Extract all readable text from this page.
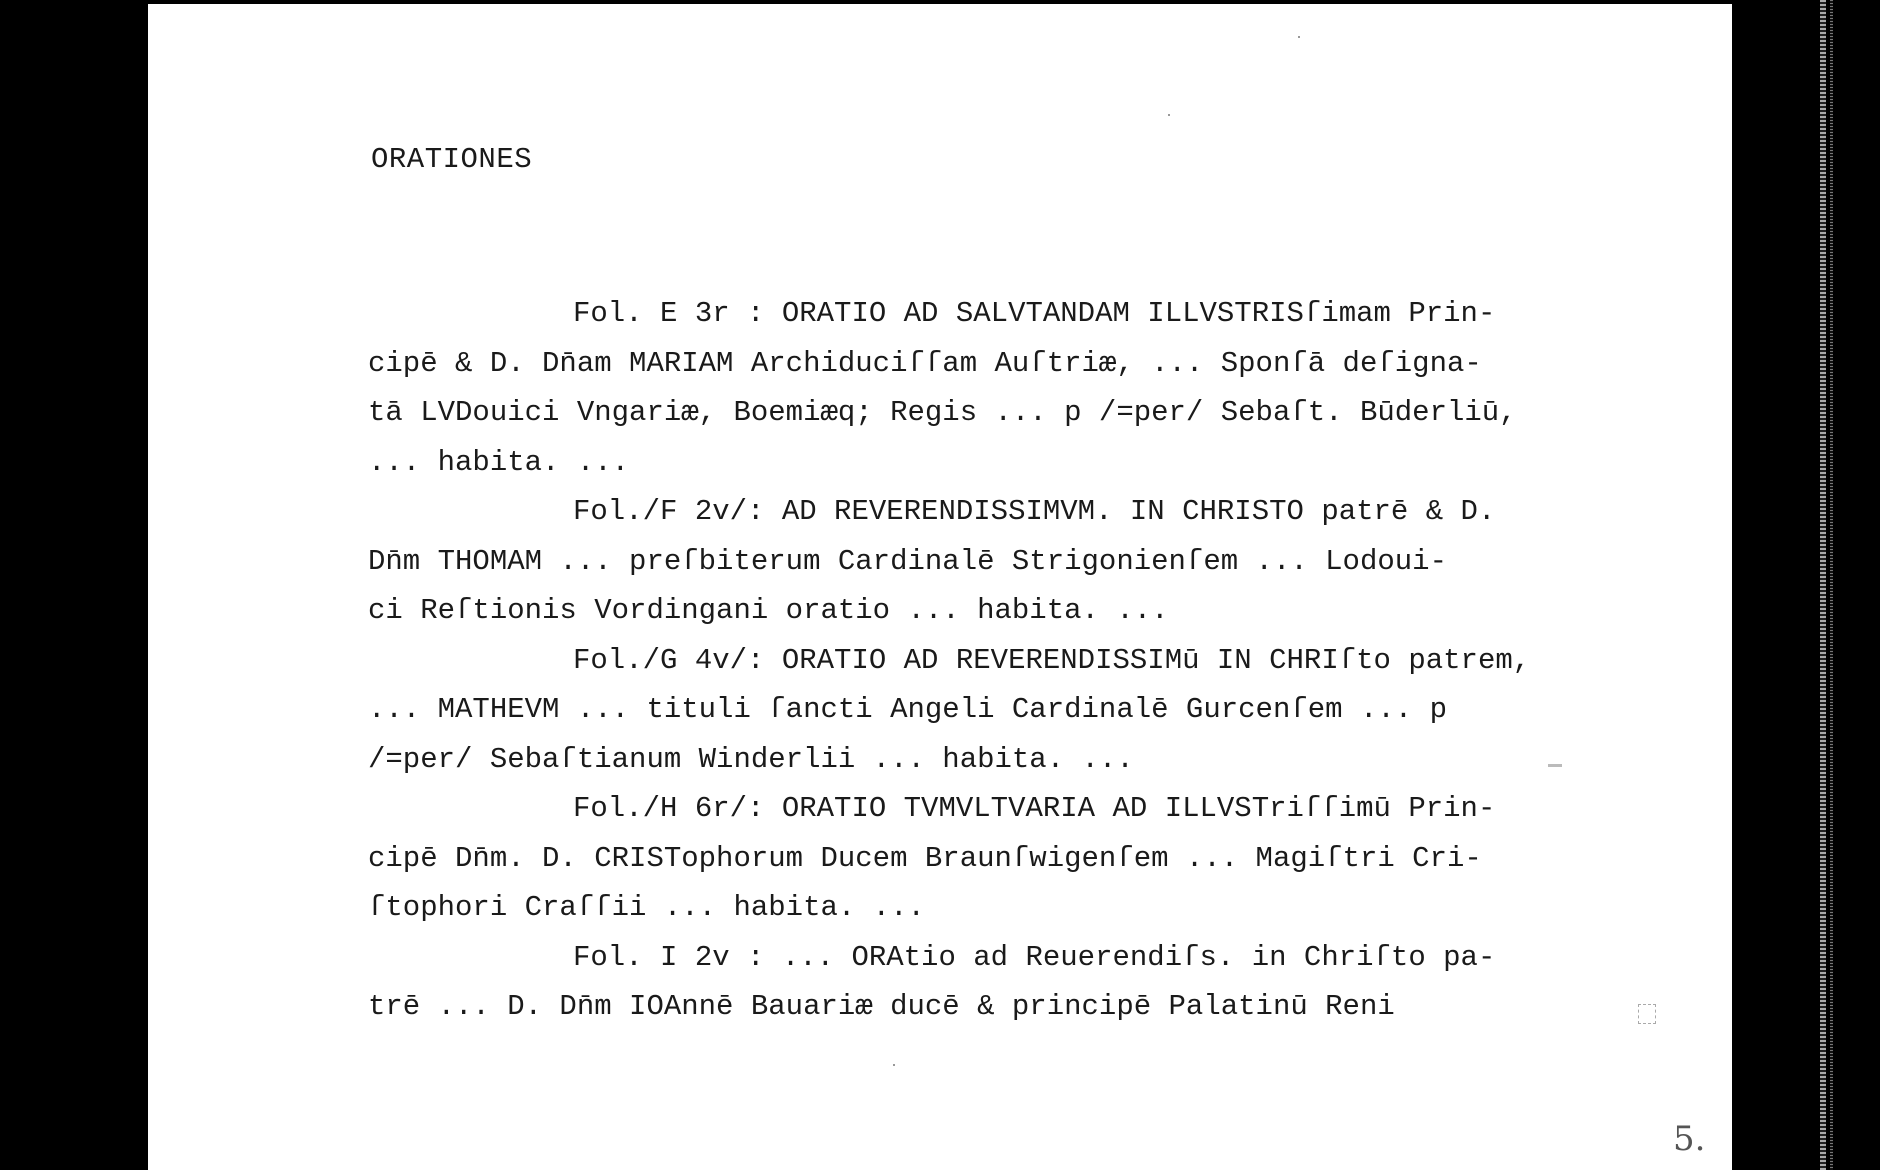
ORATIONES
Fol. E 3r : ORATIO AD SALVTANDAM ILLVSTRISſimam Prin-
cipē & D. Dn̄am MARIAM Archiduciſſam Auſtriæ, ... Sponſā deſigna-
tā LVDouici Vngariæ, Boemiæq; Regis ... p /=per/ Sebaſt. Būderliū,
... habita. ...
Fol./F 2v/: AD REVERENDISSIMVM. IN CHRISTO patrē & D.
Dn̄m THOMAM ... preſbiterum Cardinalē Strigonienſem ... Lodoui-
ci Reſtionis Vordingani oratio ... habita. ...
Fol./G 4v/: ORATIO AD REVERENDISSIMū IN CHRIſto patrem,
... MATHEVM ... tituli ſancti Angeli Cardinalē Gurcenſem ... p
/=per/ Sebaſtianum Winderlii ... habita. ...
Fol./H 6r/: ORATIO TVMVLTVARIA AD ILLVSTriſſimū Prin-
cipē Dn̄m. D. CRISTophorum Ducem Braunſwigenſem ... Magiſtri Cri-
ſtophori Craſſii ... habita. ...
Fol. I 2v : ... ORAtio ad Reuerendiſs. in Chriſto pa-
trē ... D. Dn̄m IOAnnē Bauariæ ducē & principē Palatinū Reni
5.
